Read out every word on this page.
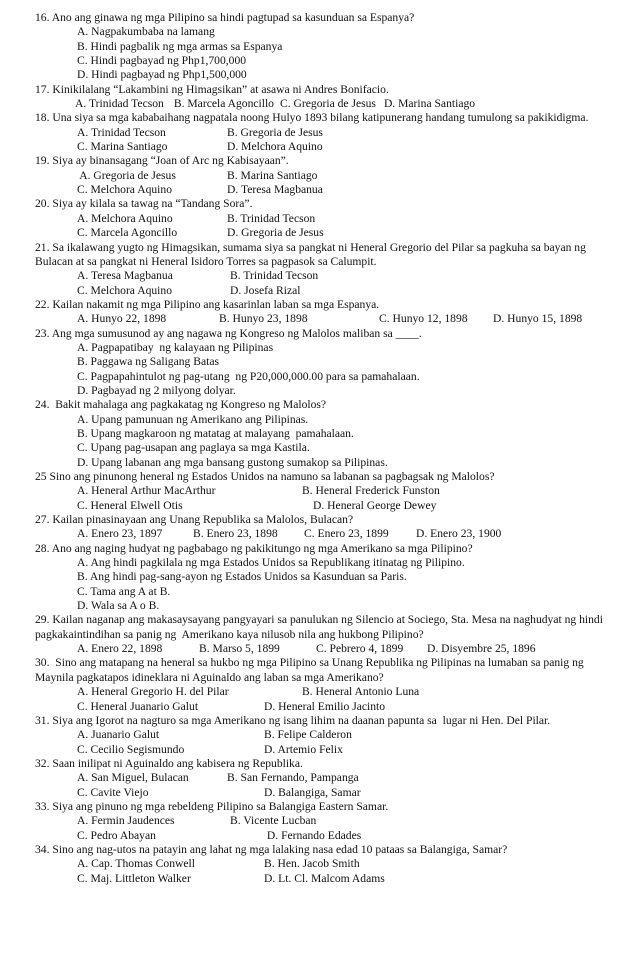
16. Ano ang ginawa ng mga Pilipino sa hindi pagtupad sa kasunduan sa Espanya?

A. Nagpakumbaba na lamang
B. Hindi pagbalik ng mga armas sa Espanya
C. Hindi pagbayad ng Php1,700,000
D. Hindi pagbayad ng Php1,500,000

17. Kinikilalang “Lakambini ng Himagsikan” at asawa ni Andres Bonifacio.

A. Trinidad Tecson B. Marcela Agoncillo C. Gregoria de Jesus D. Marina Santiago

18. Una siya sa mga kababaihang nagpatala noong Hulyo 1893 bilang katipunerang handang tumulong sa pakikidigma.

A. Trinidad Tecson	B. Gregoria de Jesus
C. Marina Santiago	D. Melchora Aquino

19. Siya ay binansagang “Joan of Arc ng Kabisayaan”.

A. Gregoria de Jesus	B. Marina Santiago
C. Melchora Aquino	D. Teresa Magbanua

20. Siya ay kilala sa tawag na “Tandang Sora”.

A. Melchora Aquino	B. Trinidad Tecson
C. Marcela Agoncillo	D. Gregoria de Jesus

21. Sa ikalawang yugto ng Himagsikan, sumama siya sa pangkat ni Heneral Gregorio del Pilar sa pagkuha sa bayan ng Bulacan at sa pangkat ni Heneral Isidoro Torres sa pagpasok sa Calumpit.

A. Teresa Magbanua	B. Trinidad Tecson
C. Melchora Aquino	D. Josefa Rizal

22. Kailan nakamit ng mga Pilipino ang kasarinlan laban sa mga Espanya.

A. Hunyo 22, 1898	B. Hunyo 23, 1898	C. Hunyo 12, 1898	D. Hunyo 15, 1898

23. Ang mga sumusunod ay ang nagawa ng Kongreso ng Malolos maliban sa ____.

A. Pagpapatibay  ng kalayaan ng Pilipinas
B. Paggawa ng Saligang Batas
C. Pagpapahintulot ng pag-utang  ng P20,000,000.00 para sa pamahalaan.
D. Pagbayad ng 2 milyong dolyar.

24.  Bakit mahalaga ang pagkakatag ng Kongreso ng Malolos?

A. Upang pamunuan ng Amerikano ang Pilipinas.
B. Upang magkaroon ng matatag at malayang  pamahalaan.
C. Upang pag-usapan ang paglaya sa mga Kastila.
D. Upang labanan ang mga bansang gustong sumakop sa Pilipinas.

25 Sino ang pinunong heneral ng Estados Unidos na namuno sa labanan sa pagbagsak ng Malolos?

A. Heneral Arthur MacArthur	B. Heneral Frederick Funston
C. Heneral Elwell Otis	D. Heneral George Dewey

27. Kailan pinasinayaan ang Unang Republika sa Malolos, Bulacan?

A. Enero 23, 1897	B. Enero 23, 1898	C. Enero 23, 1899	D. Enero 23, 1900

28. Ano ang naging hudyat ng pagbabago ng pakikitungo ng mga Amerikano sa mga Pilipino?

A. Ang hindi pagkilala ng mga Estados Unidos sa Republikang itinatag ng Pilipino.
B. Ang hindi pag-sang-ayon ng Estados Unidos sa Kasunduan sa Paris.
C. Tama ang A at B.
D. Wala sa A o B.

29. Kailan naganap ang makasaysayang pangyayari sa panulukan ng Silencio at Sociego, Sta. Mesa na naghudyat ng hindi pagkakaintindihan sa panig ng  Amerikano kaya nilusob nila ang hukbong Pilipino?

A. Enero 22, 1898	B. Marso 5, 1899	C. Pebrero 4, 1899	D. Disyembre 25, 1896

30.  Sino ang matapang na heneral sa hukbo ng mga Pilipino sa Unang Republika ng Pilipinas na lumaban sa panig ng Maynila pagkatapos idineklara ni Aguinaldo ang laban sa mga Amerikano?

A. Heneral Gregorio H. del Pilar	B. Heneral Antonio Luna
C. Heneral Juanario Galut	D. Heneral Emilio Jacinto

31. Siya ang Igorot na nagturo sa mga Amerikano ng isang lihim na daanan papunta sa  lugar ni Hen. Del Pilar.

A. Juanario Galut	B. Felipe Calderon
C. Cecilio Segismundo	D. Artemio Felix

32. Saan inilipat ni Aguinaldo ang kabisera ng Republika.

A. San Miguel, Bulacan	B. San Fernando, Pampanga
C. Cavite Viejo	D. Balangiga, Samar

33. Siya ang pinuno ng mga rebeldeng Pilipino sa Balangiga Eastern Samar.

A. Fermin Jaudences	B. Vicente Lucban
C. Pedro Abayan	D. Fernando Edades

34. Sino ang nag-utos na patayin ang lahat ng mga lalaking nasa edad 10 pataas sa Balangiga, Samar?

A. Cap. Thomas Conwell	B. Hen. Jacob Smith
C. Maj. Littleton Walker	D. Lt. Cl. Malcom Adams
